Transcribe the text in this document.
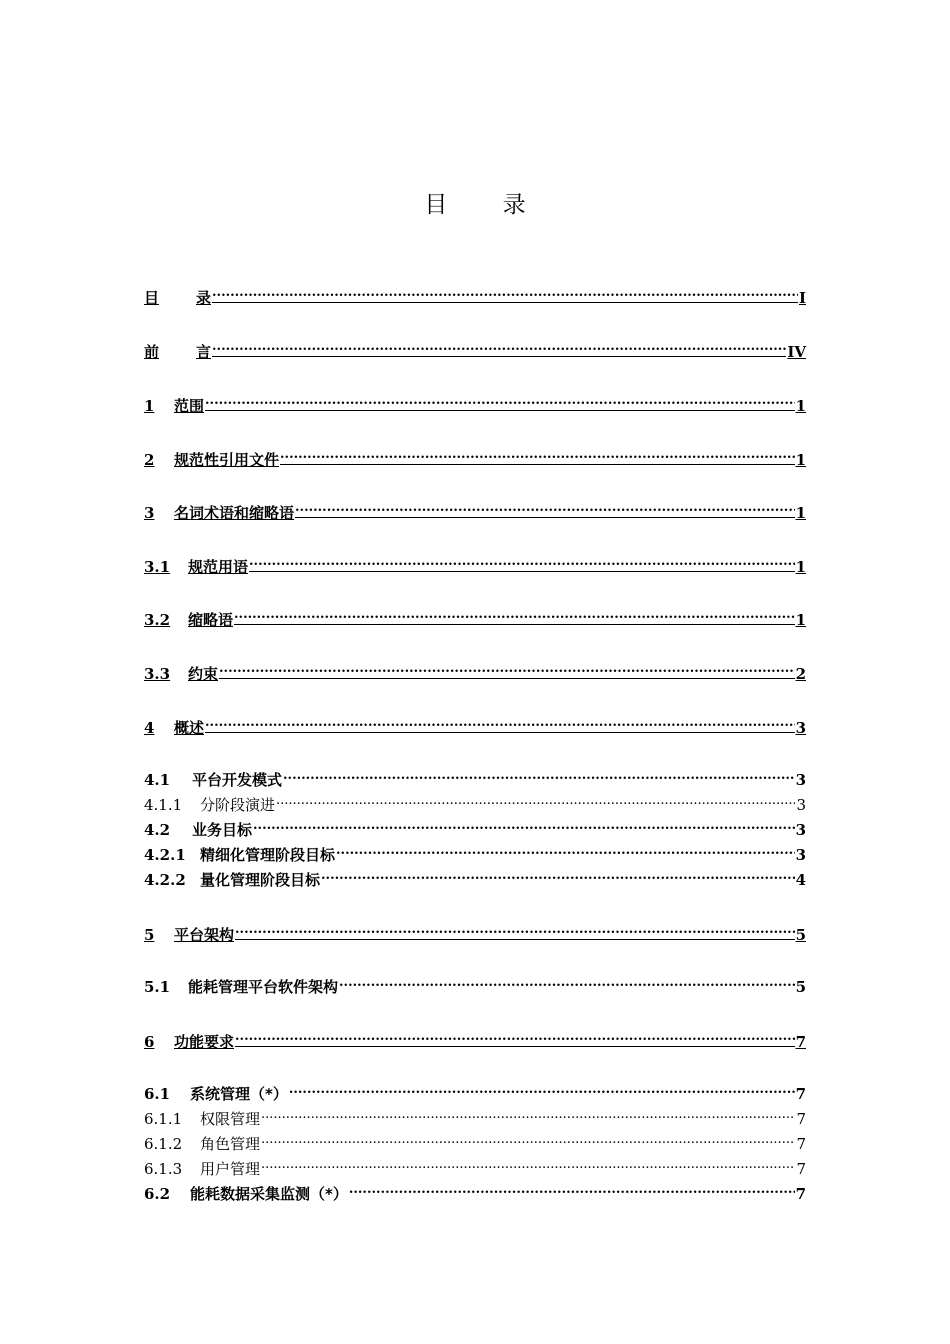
目 录
目	录 .....	I
前	言 .....	IV
1	范围 .....	1
2	规范性引用文件 .....	1
3	名词术语和缩略语 .....	1
3.1	规范用语 .....	1
3.2	缩略语 .....	1
3.3	约束 .....	2
4	概述 .....	3
4.1	平台开发模式 .....	3
4.1.1	分阶段演进 .....	3
4.2	业务目标 .....	3
4.2.1 精细化管理阶段目标 .....	3
4.2.2 量化管理阶段目标 .....	4
5	平台架构 .....	5
5.1	能耗管理平台软件架构 .....	5
6	功能要求 .....	7
6.1	系统管理（*） .....	7
6.1.1	权限管理 .....	7
6.1.2	角色管理 .....	7
6.1.3	用户管理 .....	7
6.2	能耗数据采集监测（*） .....	7
